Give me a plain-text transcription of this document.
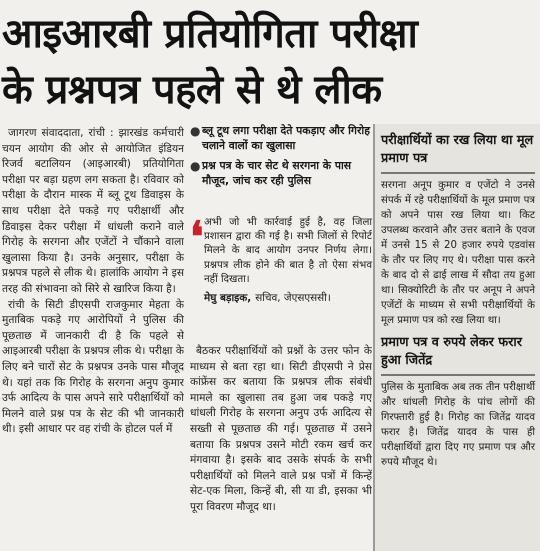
आइआरबी प्रतियोगिता परीक्षा
के प्रश्नपत्र पहले से थे लीक

जागरण संवाददाता, रांची : झारखंड कर्मचारी चयन आयोग की ओर से आयोजित इंडियन रिजर्व बटालियन (आइआरबी) प्रतियोगिता परीक्षा पर बड़ा ग्रहण लग सकता है। रविवार को परीक्षा के दौरान मास्क में ब्लू टूथ डिवाइस के साथ परीक्षा देते पकड़े गए परीक्षार्थी और डिवाइस देकर परीक्षा में धांधली कराने वाले गिरोह के सरगना और एजेंटों ने चौंकाने वाला खुलासा किया है। उनके अनुसार, परीक्षा के प्रश्नपत्र पहले से लीक थे। हालांकि आयोग ने इस तरह की संभावना को सिरे से खारिज किया है।

रांची के सिटी डीएसपी राजकुमार मेहता के मुताबिक पकड़े गए आरोपियों ने पुलिस की पूछताछ में जानकारी दी है कि पहले से आइआरबी परीक्षा के प्रश्नपत्र लीक थे। परीक्षा के लिए बने चारों सेट के प्रश्नपत्र उनके पास मौजूद थे। यहां तक कि गिरोह के सरगना अनुप कुमार उर्फ आदित्य के पास अपने सारे परीक्षार्थियों को मिलने वाले प्रश्न पत्र के सेट की भी जानकारी थी। इसी आधार पर वह रांची के होटल पर्ल में

● ब्लू टूथ लगा परीक्षा देते पकड़ाए और गिरोह चलाने वालों का खुलासा
● प्रश्न पत्र के चार सेट थे सरगना के पास मौजूद, जांच कर रही पुलिस
❛ अभी जो भी कार्रवाई हुई है, वह जिला प्रशासन द्वारा की गई है। सभी जिलों से रिपोर्ट मिलने के बाद आयोग उनपर निर्णय लेगा। प्रश्नपत्र लीक होने की बात है तो ऐसा संभव नहीं दिखता।
मेघु बड़ाइक, सचिव, जेएसएससी।

बैठकर परीक्षार्थियों को प्रश्नों के उत्तर फोन के माध्यम से बता रहा था। सिटी डीएसपी ने प्रेस कांफ्रेंस कर बताया कि प्रश्नपत्र लीक संबंधी मामले का खुलासा तब हुआ जब पकड़े गए धांधली गिरोह के सरगना अनुप उर्फ आदित्य से सख्ती से पूछताछ की गई। पूछताछ में उसने बताया कि प्रश्नपत्र उसने मोटी रकम खर्च कर मंगवाया है। इसके बाद उसके संपर्क के सभी परीक्षार्थियों को मिलने वाले प्रश्न पत्रों में किन्हें सेट-एक मिला, किन्हें बी, सी या डी, इसका भी पूरा विवरण मौजूद था।

परीक्षार्थियों का रख लिया था मूल प्रमाण पत्र
सरगना अनूप कुमार व एजेंटो ने उनसे संपर्क में रहे परीक्षार्थियों के मूल प्रमाण पत्र को अपने पास रख लिया था। किट उपलब्ध करवाने और उत्तर बताने के एवज में उनसे 15 से 20 हजार रुपये एडवांस के तौर पर लिए गए थे। परीक्षा पास करने के बाद दो से ढाई लाख में सौदा तय हुआ था। सिक्योरिटी के तौर पर अनूप ने अपने एजेंटों के माध्यम से सभी परीक्षार्थियों के मूल प्रमाण पत्र को रख लिया था।
प्रमाण पत्र व रुपये लेकर फरार हुआ जितेंद्र
पुलिस के मुताबिक अब तक तीन परीक्षार्थी और धांधली गिरोह के पांच लोगों की गिरफ्तारी हुई है। गिरोह का जितेंद्र यादव फरार है। जितेंद्र यादव के पास ही परीक्षार्थियों द्वारा दिए गए प्रमाण पत्र और रुपये मौजूद थे।
